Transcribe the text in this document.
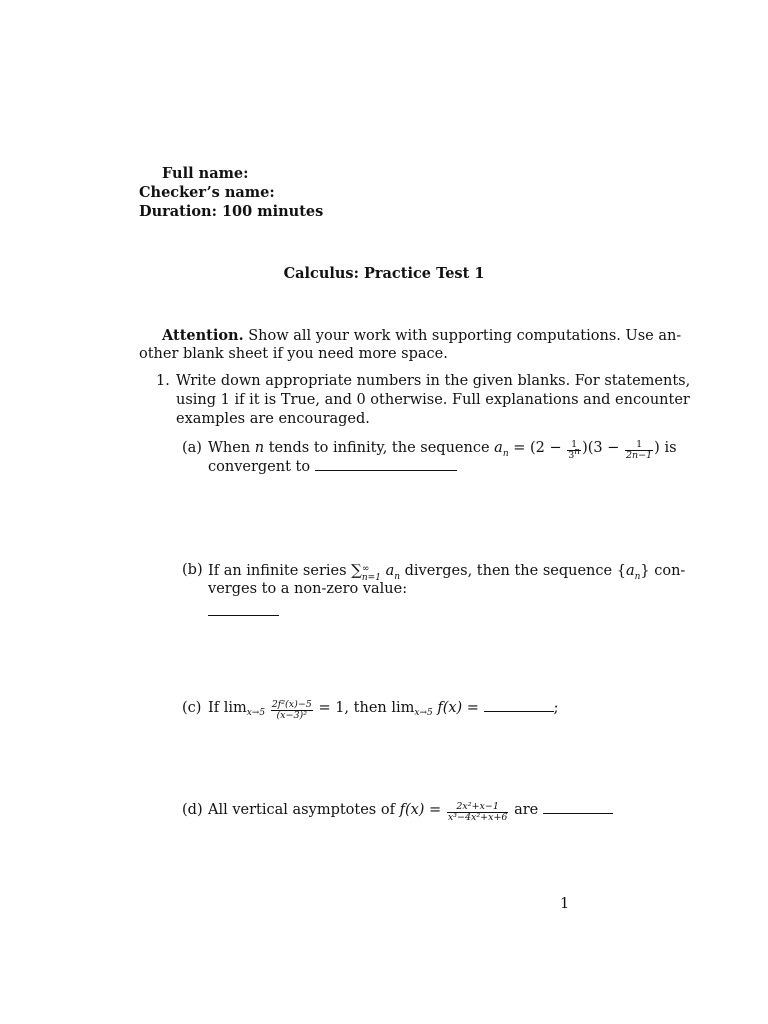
Full name:
Checker’s name:
Duration: 100 minutes
Calculus: Practice Test 1
Attention. Show all your work with supporting computations. Use an-
other blank sheet if you need more space.
1. Write down appropriate numbers in the given blanks. For statements,
using 1 if it is True, and 0 otherwise. Full explanations and encounter
examples are encouraged.
(a) When n tends to infinity, the sequence $a_n = (2 - \frac{1}{3^n} )(3 - \frac{1}{2n-1}$ ) is
convergent to
(b) If an infinite series ∑ ∞
n=1 $a_n$ diverges, then the sequence $\{a_n\}$ con-
verges to a non-zero value:
(c) If $\lim_{x\to 5} \frac{\text{2f²(x)−5}}{\text{(x−3)²}} = 1$, then $\lim_{x\to 5} f(x)$ =	;
(d) All vertical asymptotes of $f(x) = \frac{\text{2x²+x−1}}{\text{x³−4x²+x+6}}$ are
1
